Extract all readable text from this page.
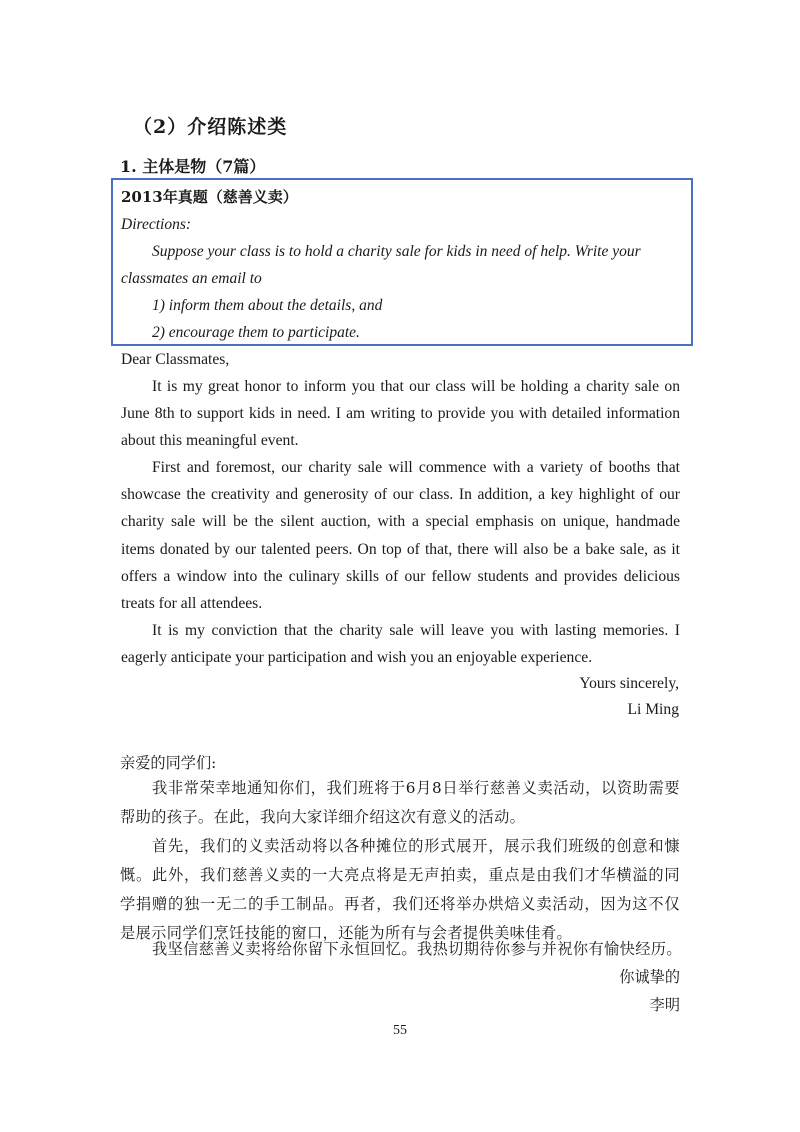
（2）介绍陈述类
1. 主体是物（7篇）
2013年真题（慈善义卖）
Directions:
Suppose your class is to hold a charity sale for kids in need of help. Write your
classmates an email to
1) inform them about the details, and
2) encourage them to participate.
Dear Classmates,

It is my great honor to inform you that our class will be holding a charity sale on June 8th to support kids in need. I am writing to provide you with detailed information about this meaningful event.

First and foremost, our charity sale will commence with a variety of booths that showcase the creativity and generosity of our class. In addition, a key highlight of our charity sale will be the silent auction, with a special emphasis on unique, handmade items donated by our talented peers. On top of that, there will also be a bake sale, as it offers a window into the culinary skills of our fellow students and provides delicious treats for all attendees.

It is my conviction that the charity sale will leave you with lasting memories. I eagerly anticipate your participation and wish you an enjoyable experience.

Yours sincerely,
Li Ming
亲爱的同学们:

我非常荣幸地通知你们，我们班将于6月8日举行慈善义卖活动，以资助需要帮助的孩子。在此，我向大家详细介绍这次有意义的活动。

首先，我们的义卖活动将以各种摊位的形式展开，展示我们班级的创意和慷慨。此外，我们慈善义卖的一大亮点将是无声拍卖，重点是由我们才华横溢的同学捐赠的独一无二的手工制品。再者，我们还将举办烘焙义卖活动，因为这不仅是展示同学们烹饪技能的窗口，还能为所有与会者提供美味佳肴。

我坚信慈善义卖将给你留下永恒回忆。我热切期待你参与并祝你有愉快经历。

你诚挚的
李明
55
